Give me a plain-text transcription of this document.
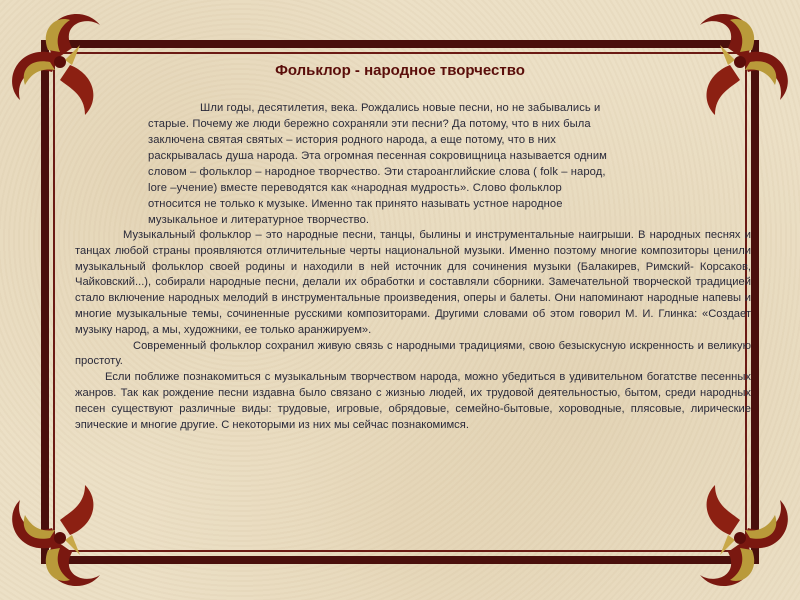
Фольклор - народное творчество
Шли годы, десятилетия, века. Рождались новые песни, но не забывались и
старые. Почему же люди бережно сохраняли эти песни? Да потому, что в них была
заключена святая святых – история родного народа, а еще потому, что в них
раскрывалась душа народа. Эта огромная песенная сокровищница называется одним
словом – фольклор – народное творчество. Эти староанглийские слова ( folk – народ,
lore –учение) вместе переводятся как «народная мудрость». Слово фольклор
относится не только к музыке. Именно так принято называть устное народное
музыкальное и литературное творчество.

Музыкальный фольклор – это народные песни, танцы, былины и инструментальные наигрыши. В народных песнях и танцах любой страны проявляются отличительные черты национальной музыки. Именно поэтому многие композиторы ценили музыкальный фольклор своей родины и находили в ней источник для сочинения музыки (Балакирев, Римский- Корсаков, Чайковский...), собирали народные песни, делали их обработки и составляли сборники. Замечательной творческой традицией стало включение народных мелодий в инструментальные произведения, оперы и балеты. Они напоминают народные напевы и многие музыкальные темы, сочиненные русскими композиторами. Другими словами об этом говорил М. И. Глинка: «Создает музыку народ, а мы, художники, ее только аранжируем».

Современный фольклор сохранил живую связь с народными традициями, свою безыскусную искренность и великую простоту.

Если поближе познакомиться с музыкальным творчеством народа, можно убедиться в удивительном богатстве песенных жанров. Так как рождение песни издавна было связано с жизнью людей, их трудовой деятельностью, бытом, среди народных песен существуют различные виды: трудовые, игровые, обрядовые, семейно-бытовые, хороводные, плясовые, лирические эпические и многие другие. С некоторыми из них мы сейчас познакомимся.
